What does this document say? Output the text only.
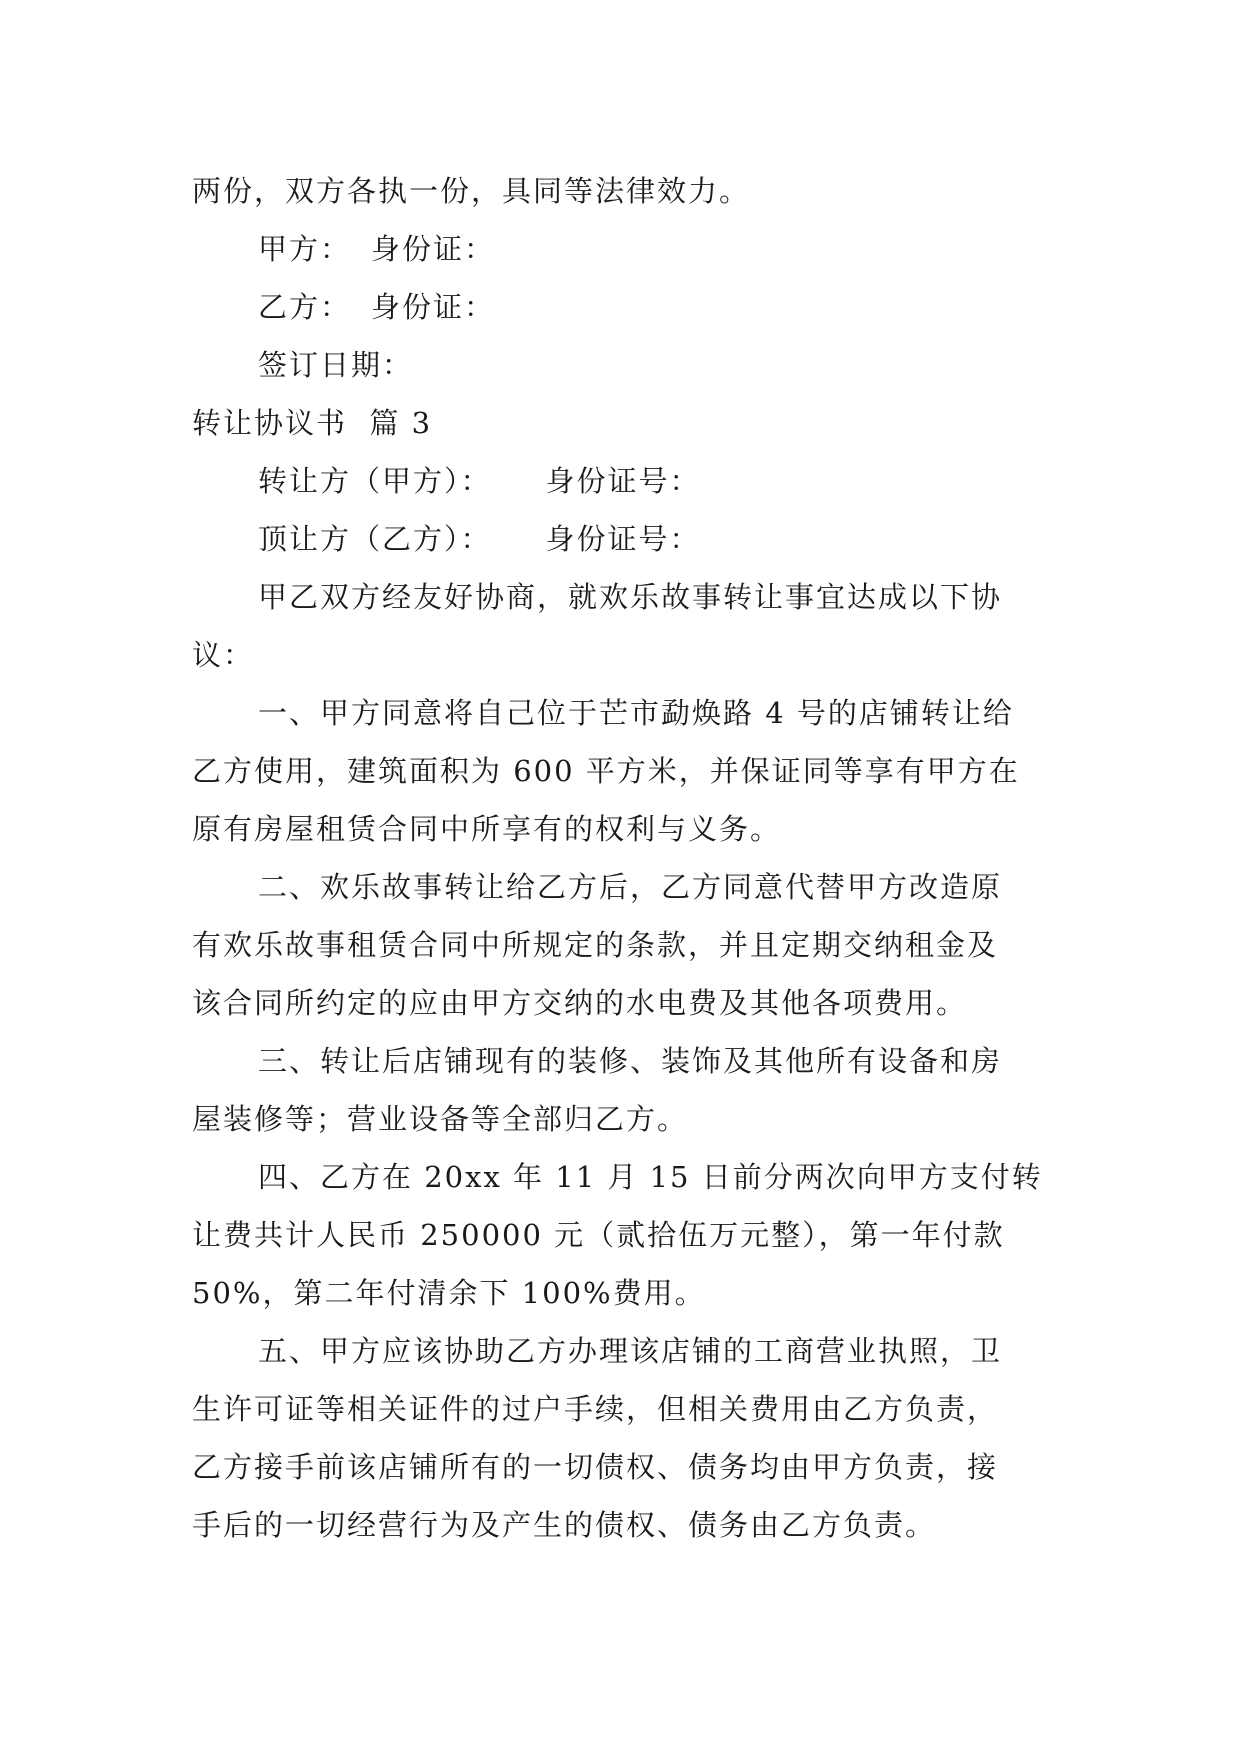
两份，双方各执一份，具同等法律效力。
甲方： 身份证：
乙方： 身份证：
签订日期：
转让协议书  篇 3
转让方（甲方）： 身份证号：
顶让方（乙方）： 身份证号：
甲乙双方经友好协商，就欢乐故事转让事宜达成以下协
议：
一、甲方同意将自己位于芒市勐焕路 4 号的店铺转让给
乙方使用，建筑面积为 600 平方米，并保证同等享有甲方在
原有房屋租赁合同中所享有的权利与义务。
二、欢乐故事转让给乙方后，乙方同意代替甲方改造原
有欢乐故事租赁合同中所规定的条款，并且定期交纳租金及
该合同所约定的应由甲方交纳的水电费及其他各项费用。
三、转让后店铺现有的装修、装饰及其他所有设备和房
屋装修等；营业设备等全部归乙方。
四、乙方在 20xx 年 11 月 15 日前分两次向甲方支付转
让费共计人民币 250000 元（贰拾伍万元整），第一年付款
50%，第二年付清余下 100%费用。
五、甲方应该协助乙方办理该店铺的工商营业执照，卫
生许可证等相关证件的过户手续，但相关费用由乙方负责，
乙方接手前该店铺所有的一切债权、债务均由甲方负责，接
手后的一切经营行为及产生的债权、债务由乙方负责。
